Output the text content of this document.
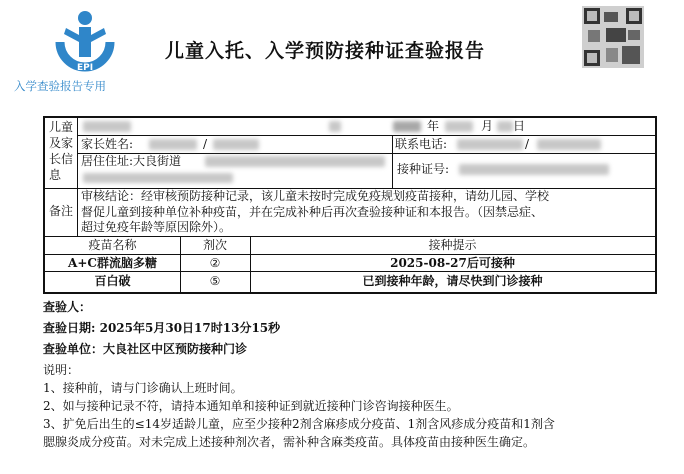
EPI
入学查验报告专用
儿童入托、入学预防接种证查验报告
儿童及家长信息
年	月 日
家长姓名:	/	联系电话:	/
居住住址:大良街道
接种证号:
备注
审核结论：经审核预防接种记录，该儿童未按时完成免疫规划疫苗接种，请幼儿园、学校
督促儿童到接种单位补种疫苗，并在完成补种后再次查验接种证和本报告。（因禁忌症、
超过免疫年龄等原因除外）。
疫苗名称	剂次	接种提示
A+C群流脑多糖	②	2025-08-27后可接种
百白破	⑤	已到接种年龄，请尽快到门诊接种
查验人：
查验日期: 2025年5月30日17时13分15秒
查验单位：大良社区中区预防接种门诊
说明：
1、接种前，请与门诊确认上班时间。
2、如与接种记录不符，请持本通知单和接种证到就近接种门诊咨询接种医生。
3、扩免后出生的≤14岁适龄儿童，应至少接种2剂含麻疹成分疫苗、1剂含风疹成分疫苗和1剂含
腮腺炎成分疫苗。对未完成上述接种剂次者，需补种含麻类疫苗。具体疫苗由接种医生确定。
